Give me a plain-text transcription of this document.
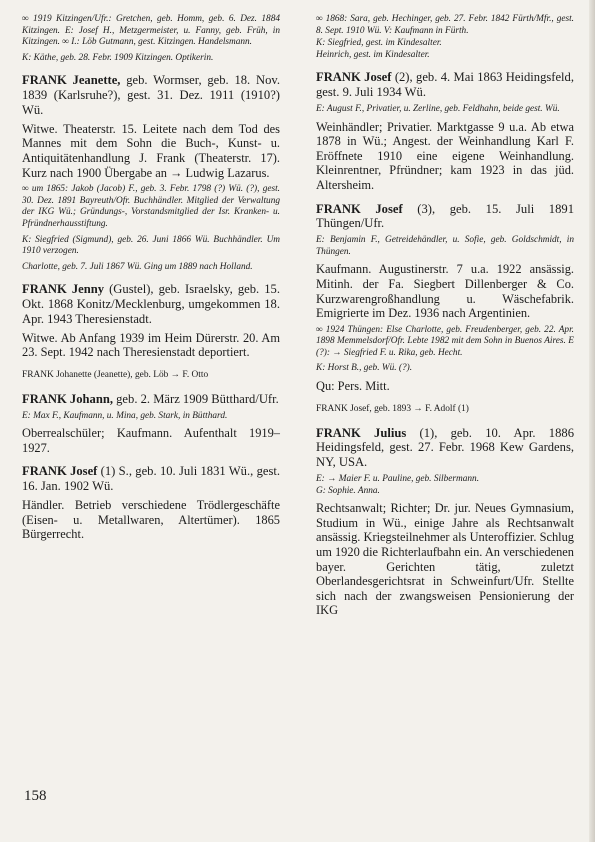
∞ 1919 Kitzingen/Ufr.: Gretchen, geb. Homm, geb. 6. Dez. 1884 Kitzingen. E: Josef H., Metzgermeister, u. Fanny, geb. Früh, in Kitzingen. ∞ I.: Löb Gutmann, gest. Kitzingen. Handelsmann.

K: Käthe, geb. 28. Febr. 1909 Kitzingen. Optikerin.

FRANK Jeanette, geb. Wormser, geb. 18. Nov. 1839 (Karlsruhe?), gest. 31. Dez. 1911 (1910?) Wü.

Witwe. Theaterstr. 15. Leitete nach dem Tod des Mannes mit dem Sohn die Buch-, Kunst- u. Antiquitätenhandlung J. Frank (Theaterstr. 17). Kurz nach 1900 Übergabe an → Ludwig Lazarus.

∞ um 1865: Jakob (Jacob) F., geb. 3. Febr. 1798 (?) Wü. (?), gest. 30. Dez. 1891 Bayreuth/Ofr. Buchhändler. Mitglied der Verwaltung der IKG Wü.; Gründungs-, Vorstandsmitglied der Isr. Kranken- u. Pfründnerhausstiftung.

K: Siegfried (Sigmund), geb. 26. Juni 1866 Wü. Buchhändler. Um 1910 verzogen.

Charlotte, geb. 7. Juli 1867 Wü. Ging um 1889 nach Holland.

FRANK Jenny (Gustel), geb. Israelsky, geb. 15. Okt. 1868 Konitz/Mecklenburg, umgekommen 18. Apr. 1943 Theresienstadt.

Witwe. Ab Anfang 1939 im Heim Dürerstr. 20. Am 23. Sept. 1942 nach Theresienstadt deportiert.

FRANK Johanette (Jeanette), geb. Löb → F. Otto

FRANK Johann, geb. 2. März 1909 Bütthard/Ufr.

E: Max F., Kaufmann, u. Mina, geb. Stark, in Bütthard.

Oberrealschüler; Kaufmann. Aufenthalt 1919–1927.

FRANK Josef (1) S., geb. 10. Juli 1831 Wü., gest. 16. Jan. 1902 Wü.

Händler. Betrieb verschiedene Trödlergeschäfte (Eisen- u. Metallwaren, Altertümer). 1865 Bürgerrecht.

∞ 1868: Sara, geb. Hechinger, geb. 27. Febr. 1842 Fürth/Mfr., gest. 8. Sept. 1910 Wü. V: Kaufmann in Fürth.

K: Siegfried, gest. im Kindesalter.

Heinrich, gest. im Kindesalter.

FRANK Josef (2), geb. 4. Mai 1863 Heidingsfeld, gest. 9. Juli 1934 Wü.

E: August F., Privatier, u. Zerline, geb. Feldhahn, beide gest. Wü.

Weinhändler; Privatier. Marktgasse 9 u.a. Ab etwa 1878 in Wü.; Angest. der Weinhandlung Karl F. Eröffnete 1910 eine eigene Weinhandlung. Kleinrentner, Pfründner; kam 1923 in das jüd. Altersheim.

FRANK Josef (3), geb. 15. Juli 1891 Thüngen/Ufr.

E: Benjamin F., Getreidehändler, u. Sofie, geb. Goldschmidt, in Thüngen.

Kaufmann. Augustinerstr. 7 u.a. 1922 ansässig. Mitinh. der Fa. Siegbert Dillenberger & Co. Kurzwarengroßhandlung u. Wäschefabrik. Emigrierte im Dez. 1936 nach Argentinien.

∞ 1924 Thüngen: Else Charlotte, geb. Freudenberger, geb. 22. Apr. 1898 Memmelsdorf/Ofr. Lebte 1982 mit dem Sohn in Buenos Aires. E (?): → Siegfried F. u. Rika, geb. Hecht.

K: Horst B., geb. Wü. (?).

Qu: Pers. Mitt.

FRANK Josef, geb. 1893 → F. Adolf (1)

FRANK Julius (1), geb. 10. Apr. 1886 Heidingsfeld, gest. 27. Febr. 1968 Kew Gardens, NY, USA.

E: → Maier F. u. Pauline, geb. Silbermann.

G: Sophie. Anna.

Rechtsanwalt; Richter; Dr. jur. Neues Gymnasium, Studium in Wü., einige Jahre als Rechtsanwalt ansässig. Kriegsteilnehmer als Unteroffizier. Schlug um 1920 die Richterlaufbahn ein. An verschiedenen bayer. Gerichten tätig, zuletzt Oberlandesgerichtsrat in Schweinfurt/Ufr. Stellte sich nach der zwangsweisen Pensionierung der IKG

158
